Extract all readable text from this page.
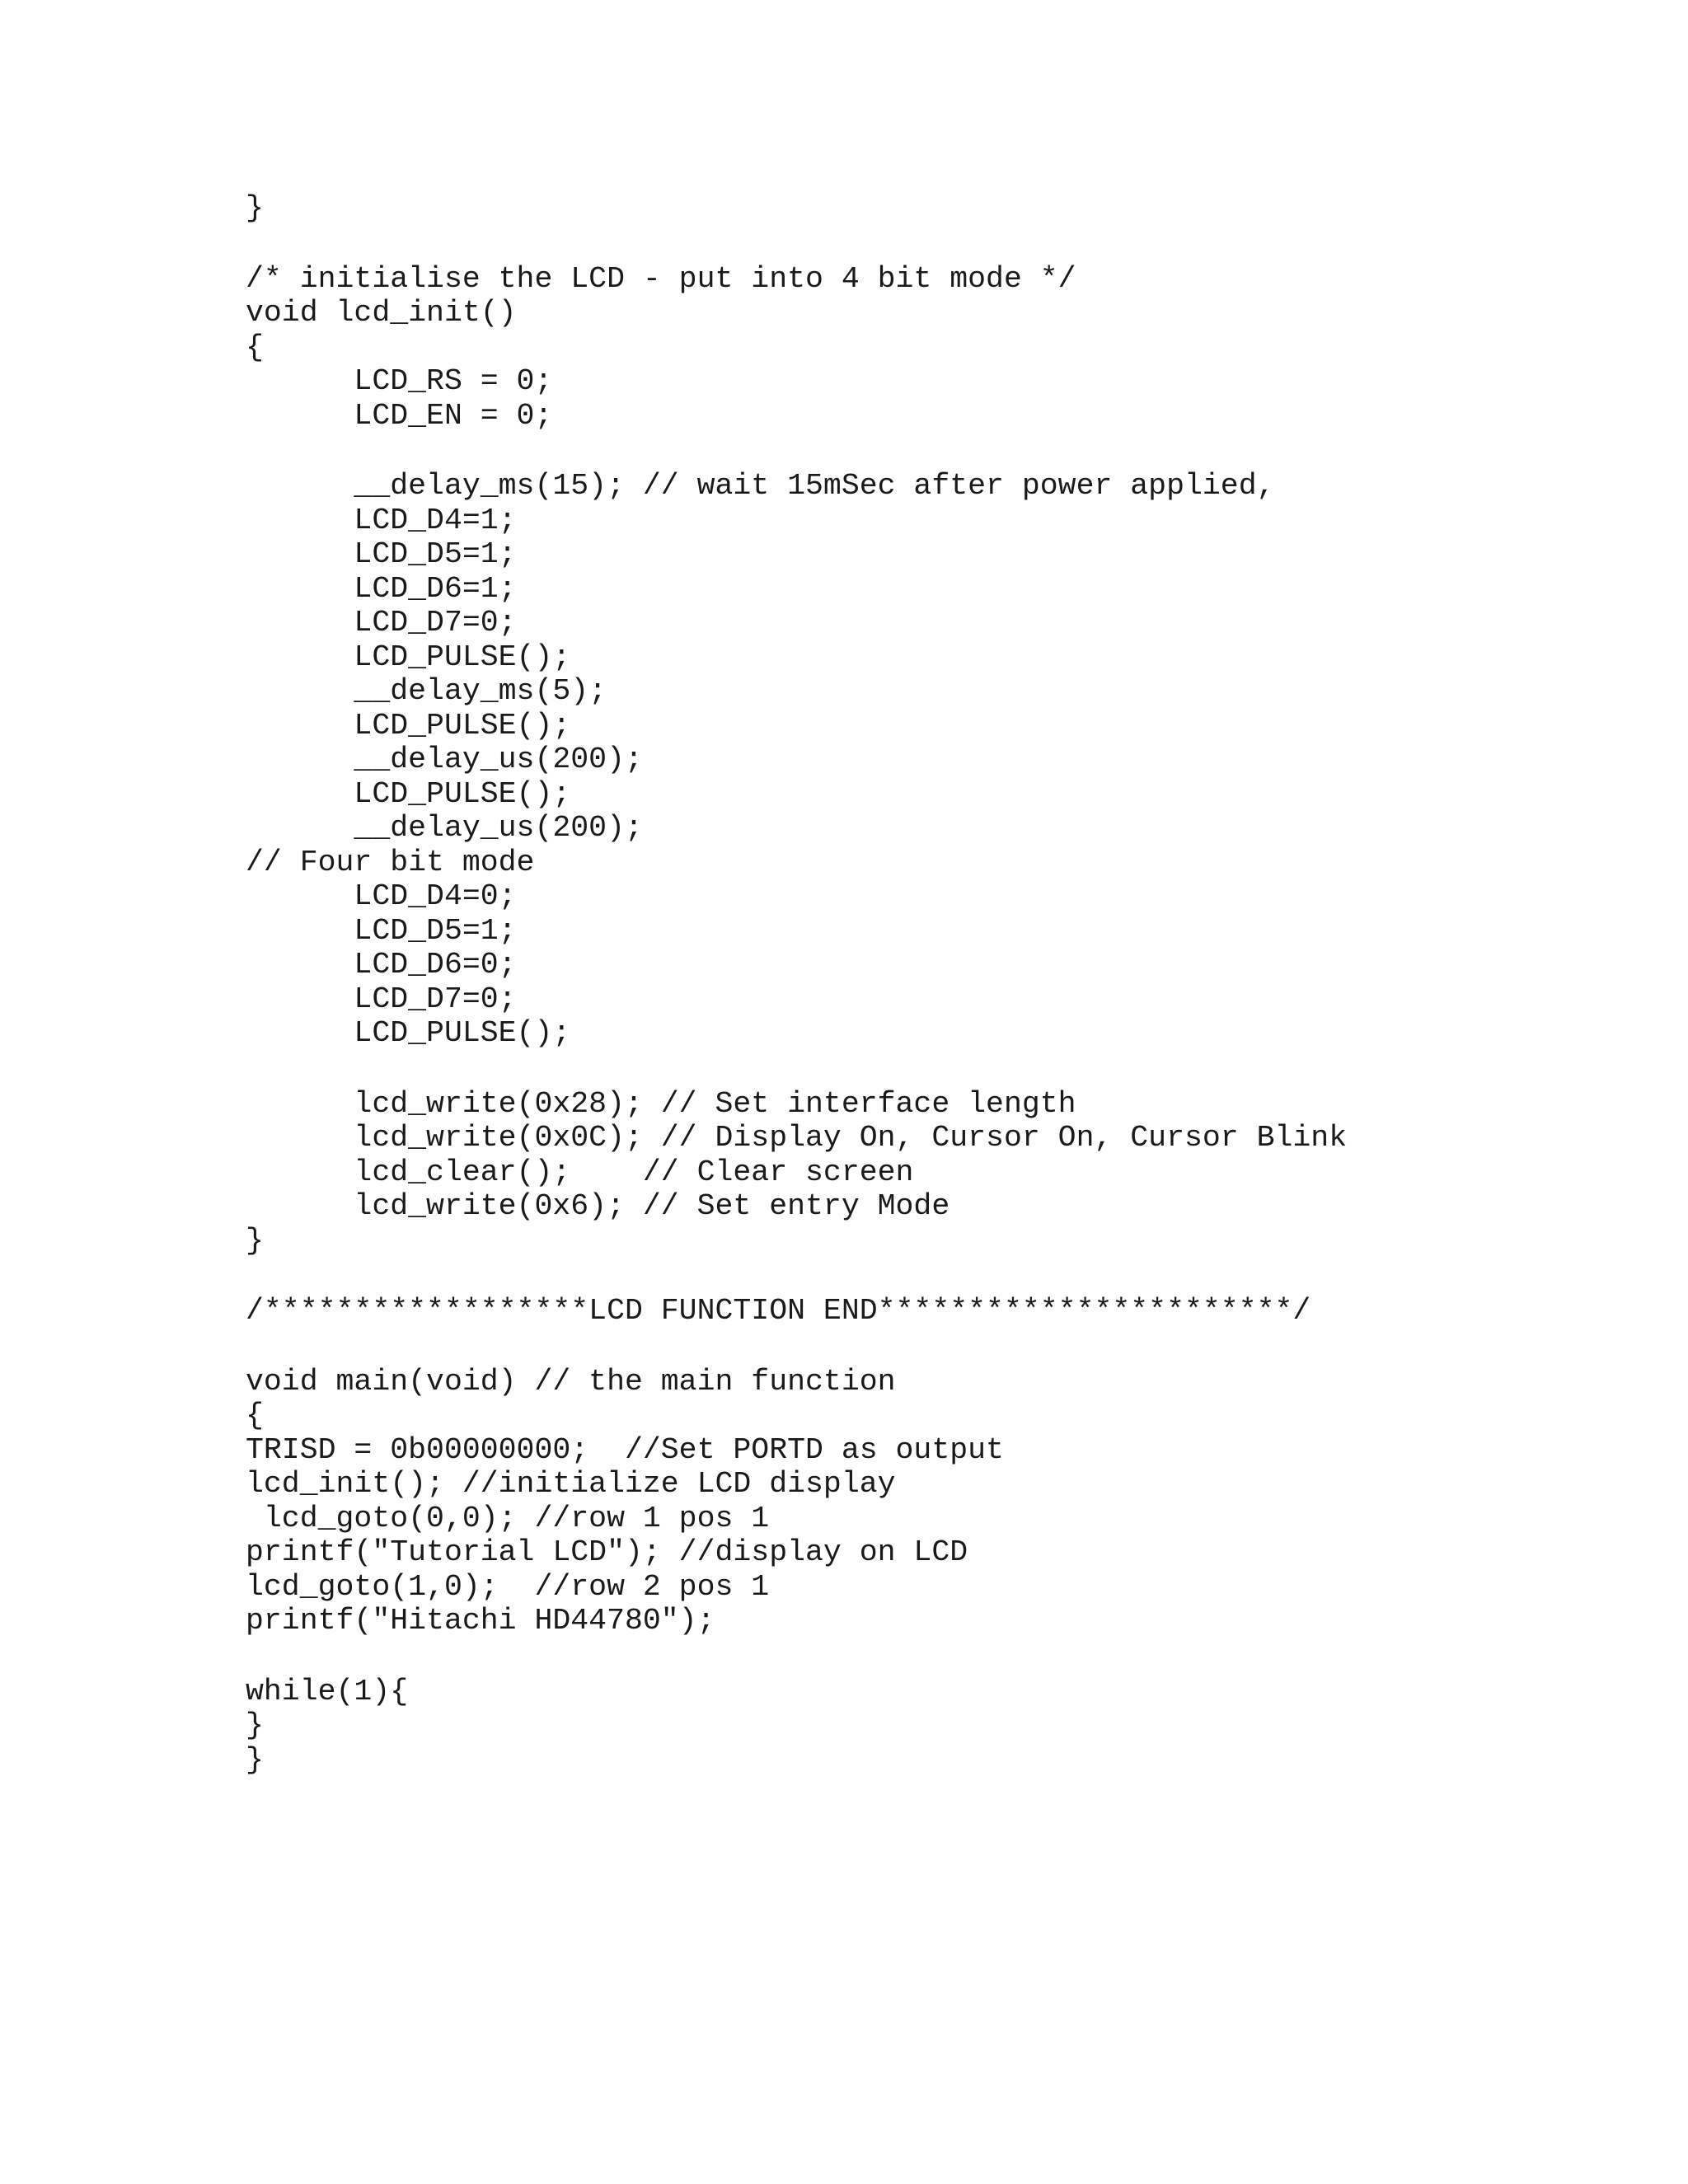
}
/* initialise the LCD - put into 4 bit mode */
void lcd_init()
{
LCD_RS = 0;
LCD_EN = 0;
__delay_ms(15); // wait 15mSec after power applied,
LCD_D4=1;
LCD_D5=1;
LCD_D6=1;
LCD_D7=0;
LCD_PULSE();
__delay_ms(5);
LCD_PULSE();
__delay_us(200);
LCD_PULSE();
__delay_us(200);
// Four bit mode
LCD_D4=0;
LCD_D5=1;
LCD_D6=0;
LCD_D7=0;
LCD_PULSE();
lcd_write(0x28); // Set interface length
lcd_write(0x0C); // Display On, Cursor On, Cursor Blink
lcd_clear();    // Clear screen
lcd_write(0x6); // Set entry Mode
}
/******************LCD FUNCTION END***********************/
void main(void) // the main function
{
TRISD = 0b00000000;  //Set PORTD as output
lcd_init(); //initialize LCD display
lcd_goto(0,0); //row 1 pos 1
printf("Tutorial LCD"); //display on LCD
lcd_goto(1,0);  //row 2 pos 1
printf("Hitachi HD44780");
while(1){
}
}
